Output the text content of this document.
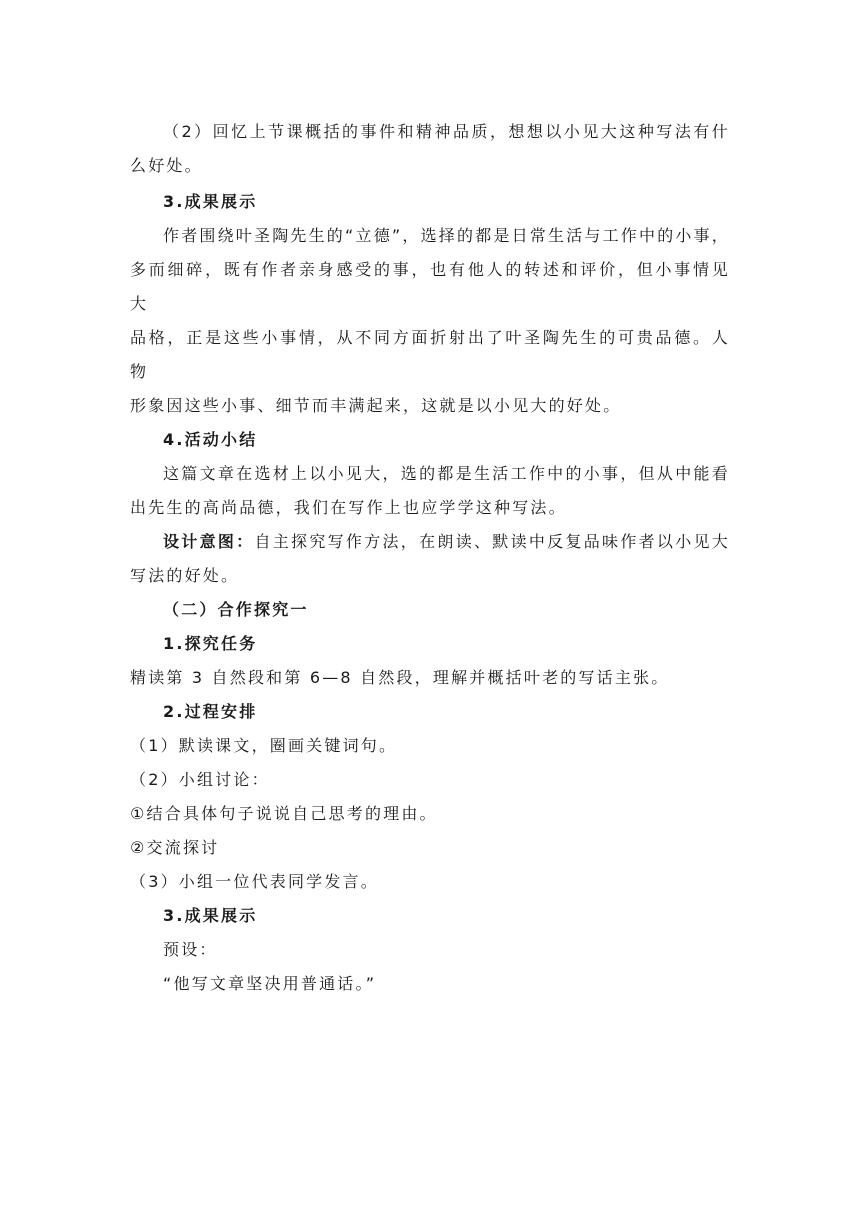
（2）回忆上节课概括的事件和精神品质，想想以小见大这种写法有什
么好处。
3.成果展示
作者围绕叶圣陶先生的“立德”，选择的都是日常生活与工作中的小事，
多而细碎，既有作者亲身感受的事，也有他人的转述和评价，但小事情见大
品格，正是这些小事情，从不同方面折射出了叶圣陶先生的可贵品德。人物
形象因这些小事、细节而丰满起来，这就是以小见大的好处。
4.活动小结
这篇文章在选材上以小见大，选的都是生活工作中的小事，但从中能看
出先生的高尚品德，我们在写作上也应学学这种写法。
设计意图：自主探究写作方法，在朗读、默读中反复品味作者以小见大
写法的好处。
（二）合作探究一
1.探究任务
精读第 3 自然段和第 6—8 自然段，理解并概括叶老的写话主张。
2.过程安排
（1）默读课文，圈画关键词句。
（2）小组讨论：
①结合具体句子说说自己思考的理由。
②交流探讨
（3）小组一位代表同学发言。
3.成果展示
预设：
“他写文章坚决用普通话。”
